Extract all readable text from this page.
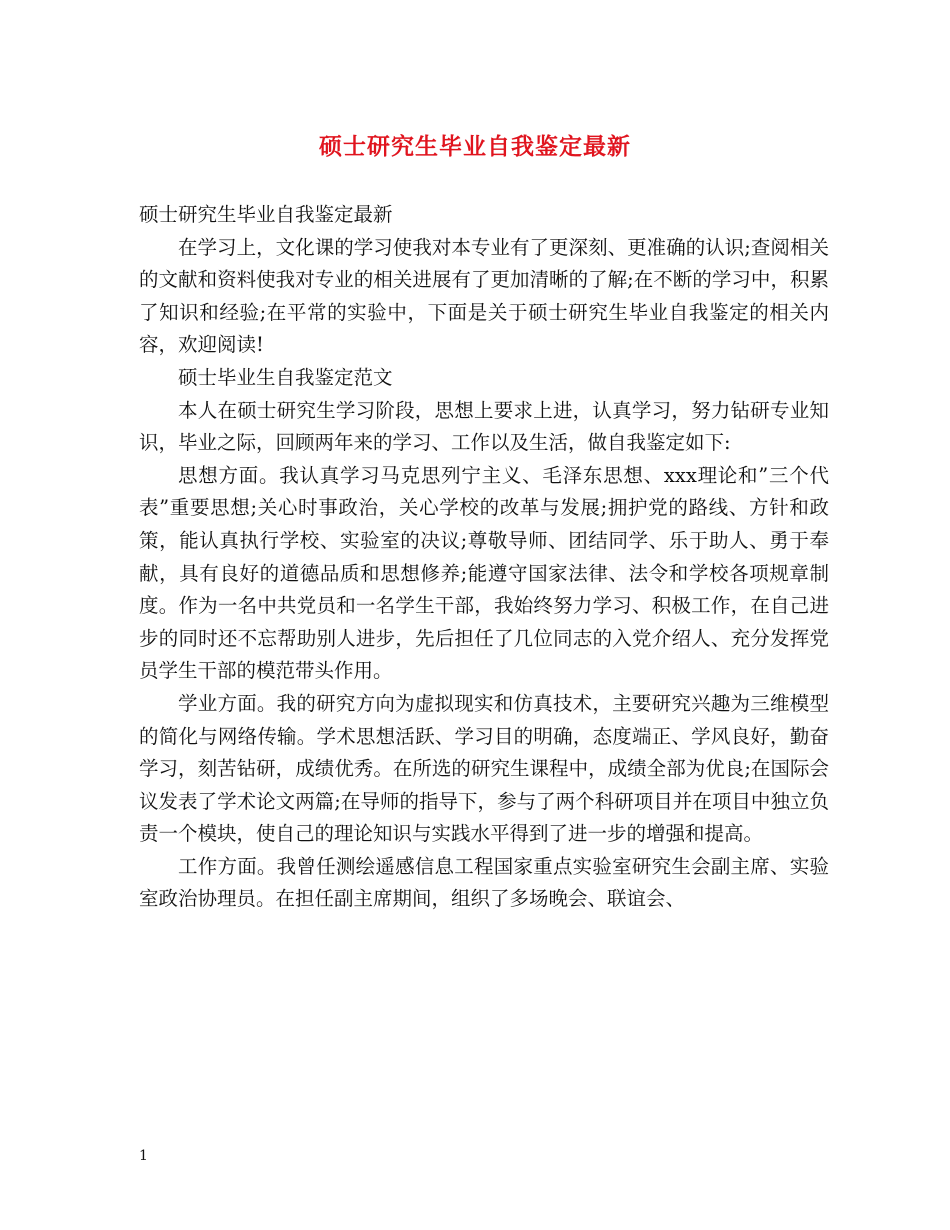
硕士研究生毕业自我鉴定最新

硕士研究生毕业自我鉴定最新

在学习上，文化课的学习使我对本专业有了更深刻、更准确的认识;查阅相关的文献和资料使我对专业的相关进展有了更加清晰的了解;在不断的学习中，积累了知识和经验;在平常的实验中，下面是关于硕士研究生毕业自我鉴定的相关内容，欢迎阅读!

硕士毕业生自我鉴定范文

本人在硕士研究生学习阶段，思想上要求上进，认真学习，努力钻研专业知识，毕业之际，回顾两年来的学习、工作以及生活，做自我鉴定如下:

思想方面。我认真学习马克思列宁主义、毛泽东思想、xxx理论和”三个代表”重要思想;关心时事政治，关心学校的改革与发展;拥护党的路线、方针和政策，能认真执行学校、实验室的决议;尊敬导师、团结同学、乐于助人、勇于奉献，具有良好的道德品质和思想修养;能遵守国家法律、法令和学校各项规章制度。作为一名中共党员和一名学生干部，我始终努力学习、积极工作，在自己进步的同时还不忘帮助别人进步，先后担任了几位同志的入党介绍人、充分发挥党员学生干部的模范带头作用。

学业方面。我的研究方向为虚拟现实和仿真技术，主要研究兴趣为三维模型的简化与网络传输。学术思想活跃、学习目的明确，态度端正、学风良好，勤奋学习，刻苦钻研，成绩优秀。在所选的研究生课程中，成绩全部为优良;在国际会议发表了学术论文两篇;在导师的指导下，参与了两个科研项目并在项目中独立负责一个模块，使自己的理论知识与实践水平得到了进一步的增强和提高。

工作方面。我曾任测绘遥感信息工程国家重点实验室研究生会副主席、实验室政治协理员。在担任副主席期间，组织了多场晚会、联谊会、

1
